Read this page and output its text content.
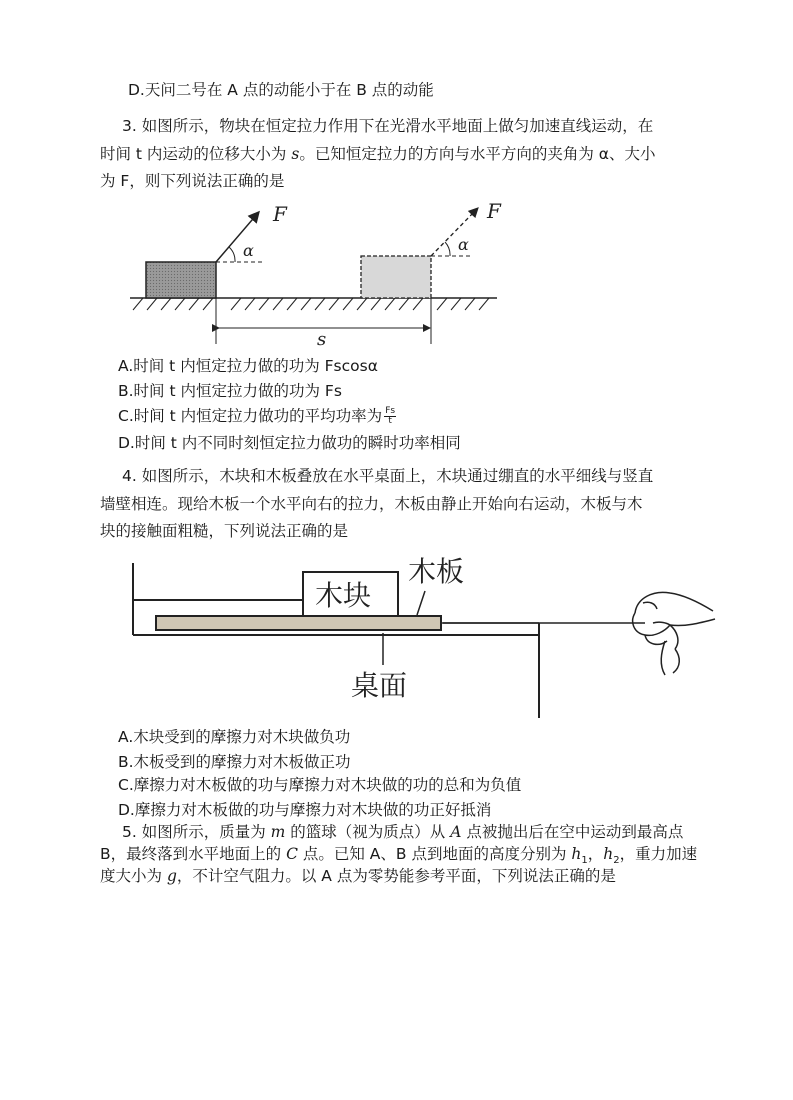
D.天问二号在 A 点的动能小于在 B 点的动能
3. 如图所示，物块在恒定拉力作用下在光滑水平地面上做匀加速直线运动，在
时间 t 内运动的位移大小为 s。已知恒定拉力的方向与水平方向的夹角为 α、大小
为 F，则下列说法正确的是
F
α
F
α
s
A.时间 t 内恒定拉力做的功为 Fscosα
B.时间 t 内恒定拉力做的功为 Fs
C.时间 t 内恒定拉力做功的平均功率为 $\frac{Fs}{t}$
D.时间 t 内不同时刻恒定拉力做功的瞬时功率相同
4. 如图所示，木块和木板叠放在水平桌面上，木块通过绷直的水平细线与竖直
墙壁相连。现给木板一个水平向右的拉力，木板由静止开始向右运动，木板与木
块的接触面粗糙，下列说法正确的是
木块
木板
桌面
A.木块受到的摩擦力对木块做负功
B.木板受到的摩擦力对木板做正功
C.摩擦力对木板做的功与摩擦力对木块做的功的总和为负值
D.摩擦力对木板做的功与摩擦力对木块做的功正好抵消
5. 如图所示，质量为 m 的篮球（视为质点）从 A 点被抛出后在空中运动到最高点
B，最终落到水平地面上的 C 点。已知 A、B 点到地面的高度分别为 $h_1$，$h_2$，重力加速
度大小为 g，不计空气阻力。以 A 点为零势能参考平面，下列说法正确的是
